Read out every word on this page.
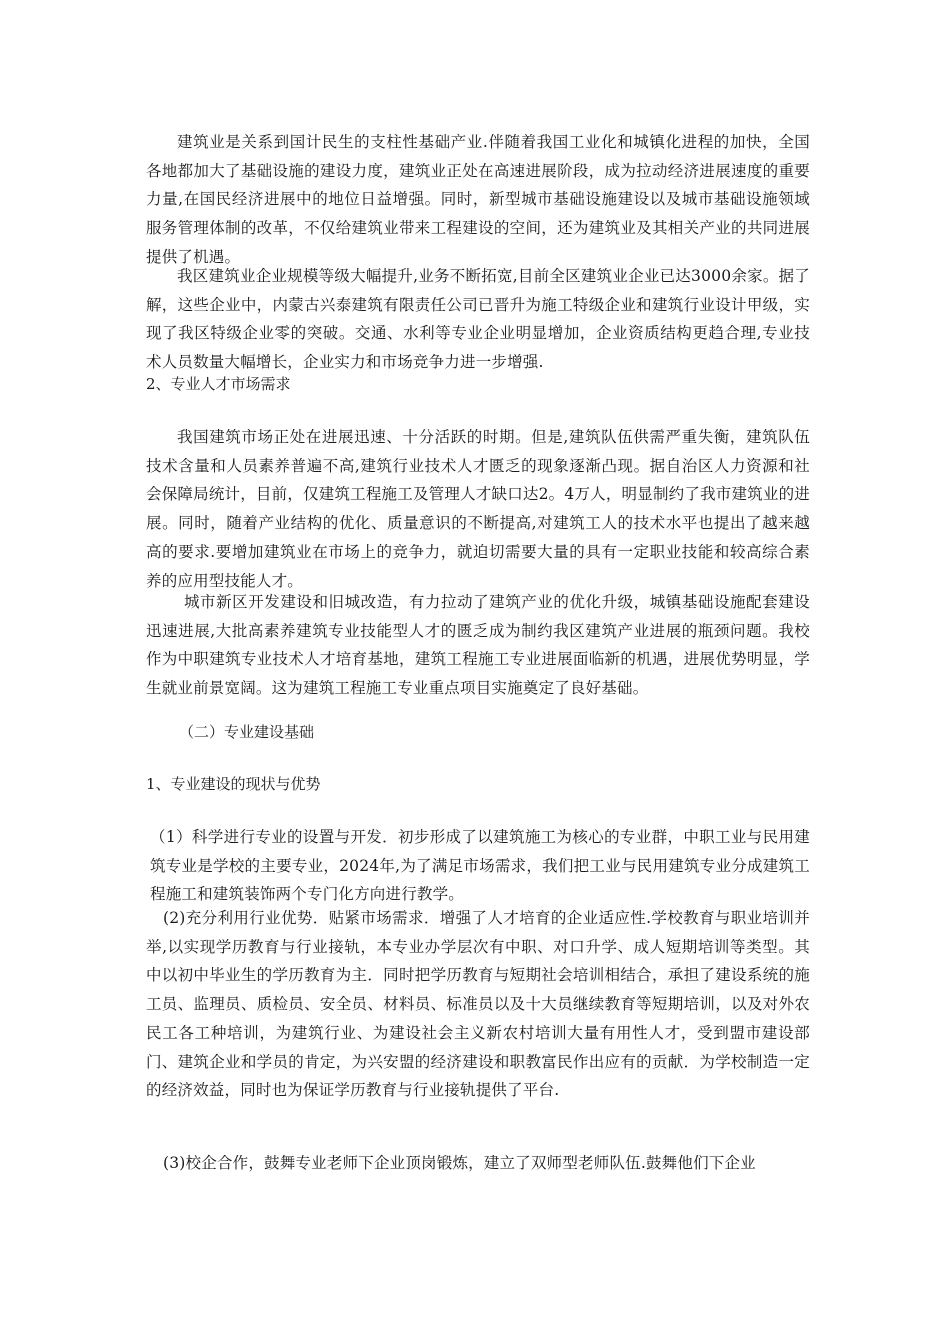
建筑业是关系到国计民生的支柱性基础产业.伴随着我国工业化和城镇化进程的加快，全国各地都加大了基础设施的建设力度，建筑业正处在高速进展阶段，成为拉动经济进展速度的重要力量,在国民经济进展中的地位日益增强。同时，新型城市基础设施建设以及城市基础设施领域服务管理体制的改革，不仅给建筑业带来工程建设的空间，还为建筑业及其相关产业的共同进展提供了机遇。

我区建筑业企业规模等级大幅提升,业务不断拓宽,目前全区建筑业企业已达3000余家。据了解，这些企业中，内蒙古兴泰建筑有限责任公司已晋升为施工特级企业和建筑行业设计甲级，实现了我区特级企业零的突破。交通、水利等专业企业明显增加，企业资质结构更趋合理,专业技术人员数量大幅增长，企业实力和市场竞争力进一步增强.

2、专业人才市场需求

我国建筑市场正处在进展迅速、十分活跃的时期。但是,建筑队伍供需严重失衡，建筑队伍技术含量和人员素养普遍不高,建筑行业技术人才匮乏的现象逐渐凸现。据自治区人力资源和社会保障局统计，目前，仅建筑工程施工及管理人才缺口达2。4万人，明显制约了我市建筑业的进展。同时，随着产业结构的优化、质量意识的不断提高,对建筑工人的技术水平也提出了越来越高的要求.要增加建筑业在市场上的竞争力，就迫切需要大量的具有一定职业技能和较高综合素养的应用型技能人才。

城市新区开发建设和旧城改造，有力拉动了建筑产业的优化升级，城镇基础设施配套建设迅速进展,大批高素养建筑专业技能型人才的匮乏成为制约我区建筑产业进展的瓶颈问题。我校作为中职建筑专业技术人才培育基地，建筑工程施工专业进展面临新的机遇，进展优势明显，学生就业前景宽阔。这为建筑工程施工专业重点项目实施奠定了良好基础。

（二）专业建设基础

1、专业建设的现状与优势

（1）科学进行专业的设置与开发．初步形成了以建筑施工为核心的专业群，中职工业与民用建筑专业是学校的主要专业，2024年,为了满足市场需求，我们把工业与民用建筑专业分成建筑工程施工和建筑装饰两个专门化方向进行教学。

(2)充分利用行业优势．贴紧市场需求．增强了人才培育的企业适应性.学校教育与职业培训并举,以实现学历教育与行业接轨，本专业办学层次有中职、对口升学、成人短期培训等类型。其中以初中毕业生的学历教育为主．同时把学历教育与短期社会培训相结合，承担了建设系统的施工员、监理员、质检员、安全员、材料员、标准员以及十大员继续教育等短期培训，以及对外农民工各工种培训，为建筑行业、为建设社会主义新农村培训大量有用性人才，受到盟市建设部门、建筑企业和学员的肯定，为兴安盟的经济建设和职教富民作出应有的贡献．为学校制造一定的经济效益，同时也为保证学历教育与行业接轨提供了平台.

(3)校企合作，鼓舞专业老师下企业顶岗锻炼，建立了双师型老师队伍.鼓舞他们下企业
